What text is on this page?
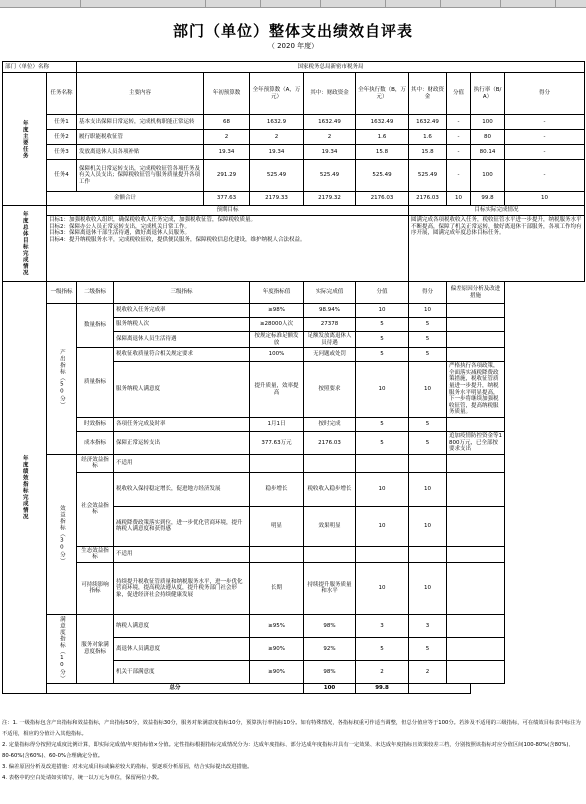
部门（单位）整体支出绩效自评表
（ 2020 年度）
部门（单位）名称		国家税务总局新密市税务局									
年度主要任务	任务名称	主要内容		年初预算数	全年预算数（A，万元）	其中：财政资金	全年执行数（B，万元）	其中：财政资金	分值	执行率（B/A）	得分
	任务1	基本支出保障日常运转，完成机构职能正常运转		68	1632.9	1632.49	1632.49	1632.49	-	100	-
	任务2	履行职能税收征管		2	2	2	1.6	1.6	-	80	-
	任务3	发放离退休人员各项补贴		19.34	19.34	19.34	15.8	15.8	-	80.14	-
	任务4	保障机关日常运转支出，完成税收征管各项任务及有关人员支出；保障税收征管与服务质量提升各项工作		291.29	525.49	525.49	525.49	525.49	-	100	-
	金额合计			377.63	2179.33	2179.32	2176.03	2176.03	10	99.8	10
年度总体目标完成情况	预期目标							目标实际完成情况			
	目标1：加强税收收入组织，确保税收收入任务完成，加强税收征管，保障税收质量。
目标2：保障办公人员正常运转支出，完成机关日常工作。
目标3：保障离退休干部生活待遇，做好离退休人员服务。
目标4：提升纳税服务水平，完成税收征收，提供便民服务，保障税收信息化建设，维护纳税人合法权益。							圆满完成各项税收收入任务，税收征管水平进一步提升，纳税服务水平不断提高，保障了机关正常运转，做好离退休干部服务，各项工作均有序开展，圆满完成年度总体目标任务。			
年度绩效指标完成情况	一级指标	二级指标	三级指标		年度指标值	实际完成值	分值	得分	偏差原因分析及改进措施		
	产出指标（50分）	数量指标	税收收入任务完成率		≥98%	98.94%	10	10			
			服务纳税人次		≥28000人次	27378	5	5			
			保障离退休人员生活待遇		按规定标准足额发放	足额发放离退休人员待遇	5	5			
		质量指标	税收征收质量符合相关规定要求		100%	无问题或处罚	5	5			
			服务纳税人满意度		提升质量，效率提高	按照要求	10	10	严格执行各项政策，全面落实减税降费政策措施，税收征管质量进一步提升，纳税服务水平明显提高，下一步将继续加强税收征管，提高纳税服务质量。		
		时效指标	各项任务完成及时率		1月1日	按时完成	5	5			
		成本指标	保障正常运转支出		377.63万元	2176.03	5	5	追加疫情防控资金等1800万元，已全部按要求支出		
	效益指标（30分）	经济效益指标	不适用								
		社会效益指标	税收收入保持稳定增长，促进地方经济发展		稳步增长	税收收入稳步增长	10	10			
			减税降费政策落实到位，进一步优化营商环境，提升纳税人满意度和获得感		明显	效果明显	10	10			
		生态效益指标	不适用								
		可持续影响指标	持续提升税收征管质量和纳税服务水平，进一步优化营商环境，提高税法遵从度，提升税务部门社会形象，促进经济社会持续健康发展		长期	持续提升服务质量和水平	10	10			
	满意度指标（10分）	服务对象满意度指标	纳税人满意度		≥95%	98%	3	3			
			离退休人员满意度		≥90%	92%	5	5			
			机关干部满意度		≥90%	98%	2	2			
	总分					100	99.8				

注：1. 一级指标包含产出指标和效益指标，产出指标50分，效益指标30分，服务对象满意度指标10分，预算执行率指标10分。如有特殊情况，各指标权重可作适当调整，但总分值应等于100分。若涉及不适用的三级指标，可在绩效目标表中标注为不适用，相应的分值计入其他指标。

2. 定量指标得分按照完成度比例计算，即实际完成值/年度指标值×分值。定性指标根据指标完成情况分为：达成年度指标、部分达成年度指标并具有一定效果、未达成年度指标且效果较差三档，分别按照该指标对应分值区间100-80%(含80%)、80-60%(含60%)、60-0%合理确定分值。

3. 偏差原因分析及改进措施：对未完成目标或偏差较大的指标，要逐项分析原因，结合实际提出改进措施。

4. 表格中的空白处请如实填写，统一以万元为单位，保留两位小数。
